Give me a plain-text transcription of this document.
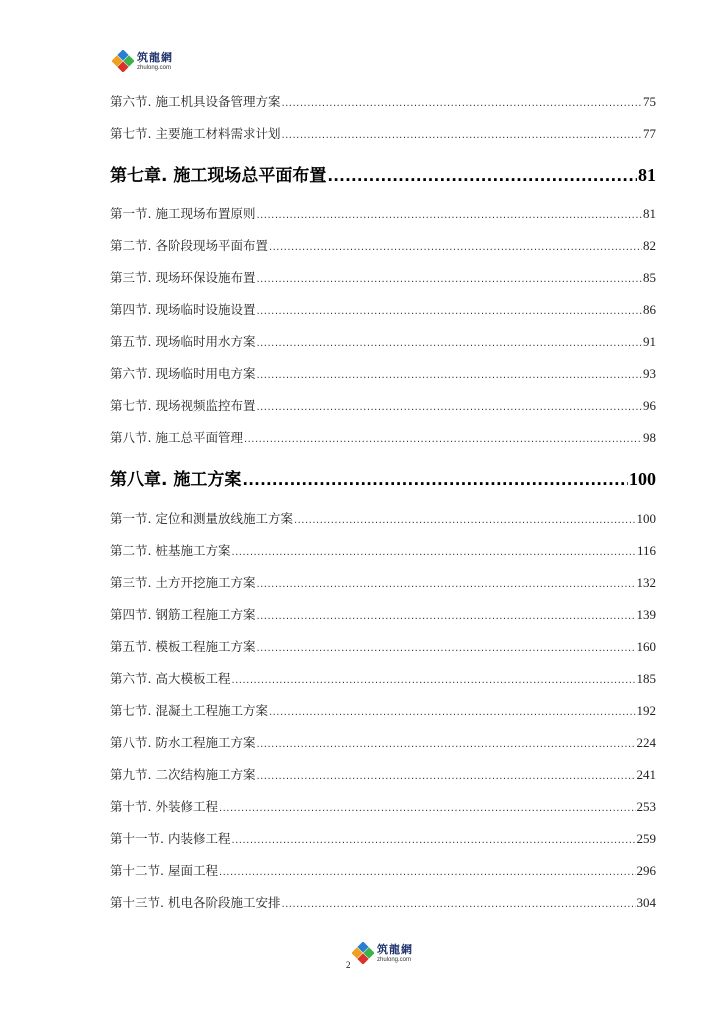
筑龍網
zhulong.com
第六节. 施工机具设备管理方案 .....	75
第七节. 主要施工材料需求计划 .....	77
第七章. 施工现场总平面布置 .....	81
第一节. 施工现场布置原则 .....	81
第二节. 各阶段现场平面布置 .....	82
第三节. 现场环保设施布置 .....	85
第四节. 现场临时设施设置 .....	86
第五节. 现场临时用水方案 .....	91
第六节. 现场临时用电方案 .....	93
第七节. 现场视频监控布置 .....	96
第八节. 施工总平面管理 .....	98
第八章. 施工方案 .....	100
第一节. 定位和测量放线施工方案 .....	100
第二节. 桩基施工方案 .....	116
第三节. 土方开挖施工方案 .....	132
第四节. 钢筋工程施工方案 .....	139
第五节. 模板工程施工方案 .....	160
第六节. 高大模板工程 .....	185
第七节. 混凝土工程施工方案 .....	192
第八节. 防水工程施工方案 .....	224
第九节. 二次结构施工方案 .....	241
第十节. 外装修工程 .....	253
第十一节. 内装修工程 .....	259
第十二节. 屋面工程 .....	296
第十三节. 机电各阶段施工安排 .....	304
2
筑龍網
zhulong.com
